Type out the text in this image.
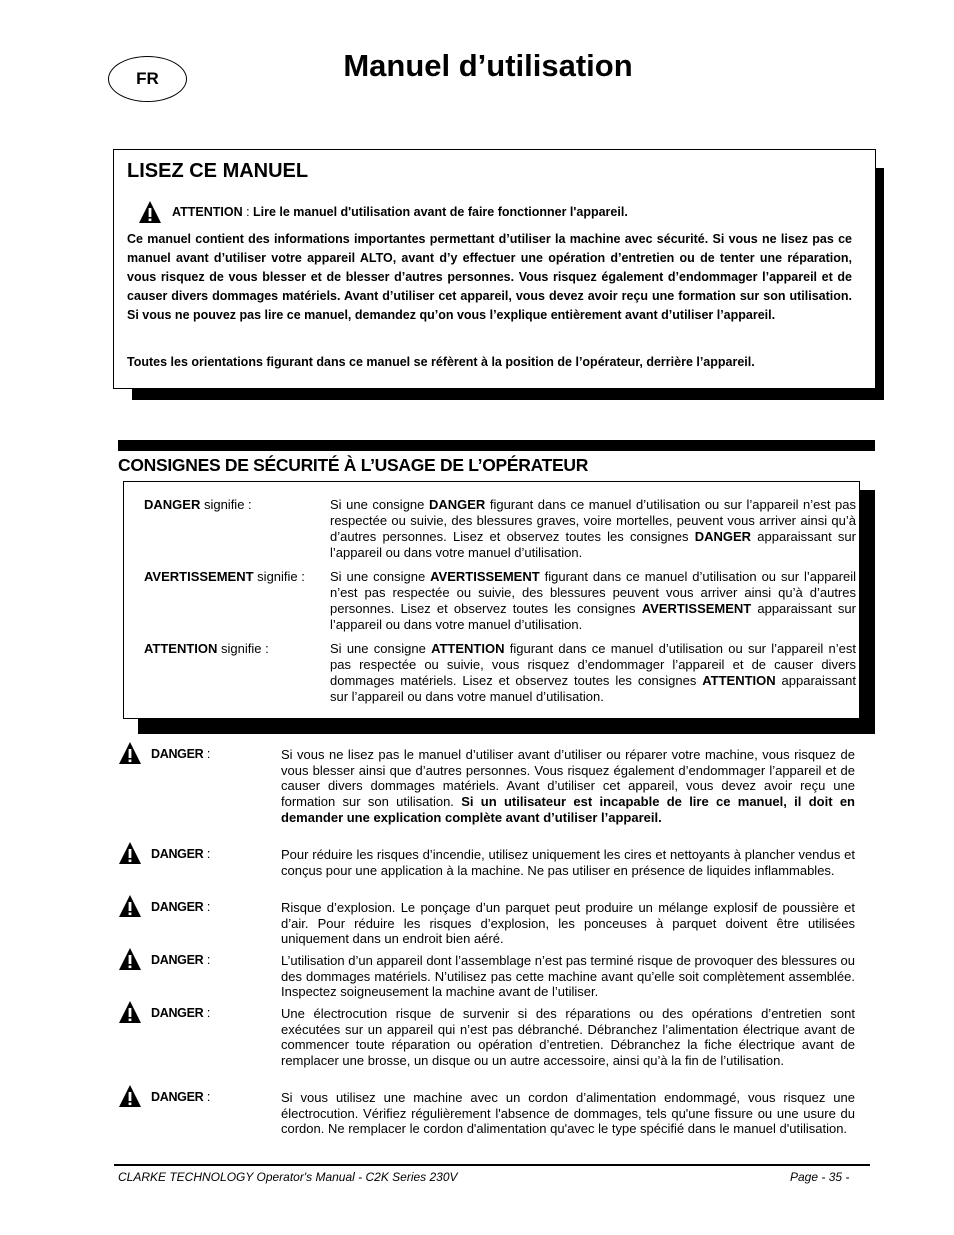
FR	Manuel d’utilisation
LISEZ CE MANUEL
ATTENTION : Lire le manuel d'utilisation avant de faire fonctionner l'appareil.
Ce manuel contient des informations importantes permettant d’utiliser la machine avec sécurité. Si vous ne lisez pas ce manuel avant d’utiliser votre appareil ALTO, avant d’y effectuer une opération d’entretien ou de tenter une réparation, vous risquez de vous blesser et de blesser d’autres personnes. Vous risquez également d’endommager l’appareil et de causer divers dommages matériels. Avant d’utiliser cet appareil, vous devez avoir reçu une formation sur son utilisation. Si vous ne pouvez pas lire ce manuel, demandez qu’on vous l’explique entièrement avant d’utiliser l’appareil.
Toutes les orientations figurant dans ce manuel se réfèrent à la position de l’opérateur, derrière l’appareil.
CONSIGNES DE SÉCURITÉ À L’USAGE DE L’OPÉRATEUR
DANGER signifie :	Si une consigne DANGER figurant dans ce manuel d’utilisation ou sur l’appareil n’est pas respectée ou suivie, des blessures graves, voire mortelles, peuvent vous arriver ainsi qu’à d’autres personnes. Lisez et observez toutes les consignes DANGER apparaissant sur l’appareil ou dans votre manuel d’utilisation.
AVERTISSEMENT signifie : Si une consigne AVERTISSEMENT figurant dans ce manuel d’utilisation ou sur l’appareil n’est pas respectée ou suivie, des blessures peuvent vous arriver ainsi qu’à d’autres personnes. Lisez et observez toutes les consignes AVERTISSEMENT apparaissant sur l’appareil ou dans votre manuel d’utilisation.
ATTENTION signifie :	Si une consigne ATTENTION figurant dans ce manuel d’utilisation ou sur l’appareil n’est pas respectée ou suivie, vous risquez d’endommager l’appareil et de causer divers dommages matériels. Lisez et observez toutes les consignes ATTENTION apparaissant sur l’appareil ou dans votre manuel d’utilisation.
DANGER :	Si vous ne lisez pas le manuel d’utiliser avant d’utiliser ou réparer votre machine, vous risquez de vous blesser ainsi que d’autres personnes. Vous risquez également d’endommager l’appareil et de causer divers dommages matériels. Avant d’utiliser cet appareil, vous devez avoir reçu une formation sur son utilisation. Si un utilisateur est incapable de lire ce manuel, il doit en demander une explication complète avant d’utiliser l’appareil.
DANGER :	Pour réduire les risques d’incendie, utilisez uniquement les cires et nettoyants à plancher vendus et conçus pour une application à la machine. Ne pas utiliser en présence de liquides inflammables.
DANGER :	Risque d’explosion. Le ponçage d’un parquet peut produire un mélange explosif de poussière et d’air. Pour réduire les risques d’explosion, les ponceuses à parquet doivent être utilisées uniquement dans un endroit bien aéré.
DANGER :	L’utilisation d’un appareil dont l’assemblage n’est pas terminé risque de provoquer des blessures ou des dommages matériels. N’utilisez pas cette machine avant qu’elle soit complètement assemblée. Inspectez soigneusement la machine avant de l’utiliser.
DANGER :	Une électrocution risque de survenir si des réparations ou des opérations d’entretien sont exécutées sur un appareil qui n’est pas débranché. Débranchez l’alimentation électrique avant de commencer toute réparation ou opération d’entretien. Débranchez la fiche électrique avant de remplacer une brosse, un disque ou un autre accessoire, ainsi qu’à la fin de l’utilisation.
DANGER :	Si vous utilisez une machine avec un cordon d’alimentation endommagé, vous risquez une électrocution. Vérifiez régulièrement l'absence de dommages, tels qu'une fissure ou une usure du cordon. Ne remplacer le cordon d'alimentation qu'avec le type spécifié dans le manuel d'utilisation.
CLARKE TECHNOLOGY Operator's Manual - C2K Series 230V	Page - 35 -
